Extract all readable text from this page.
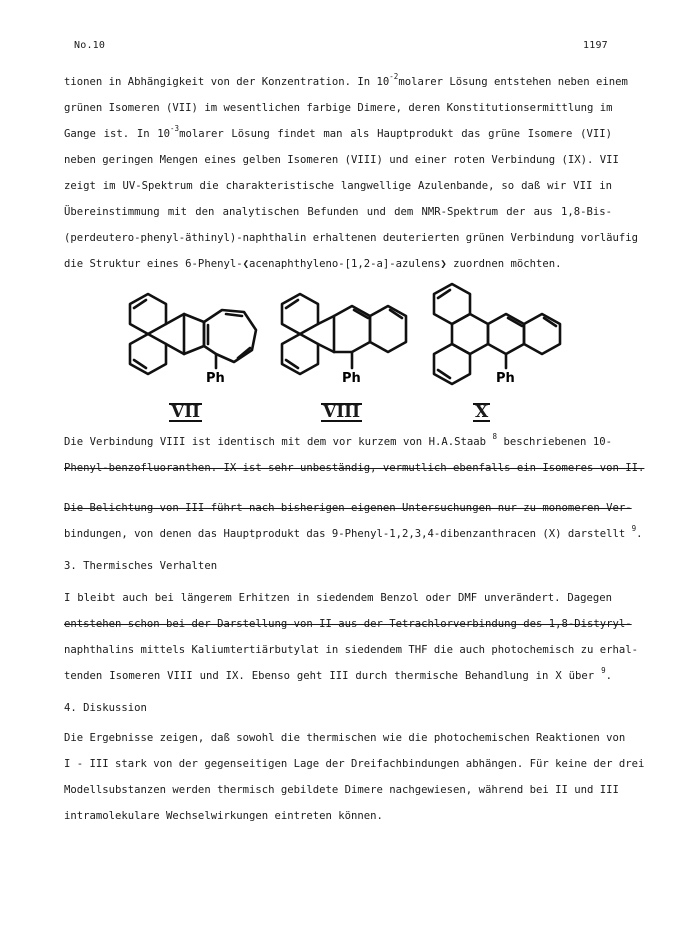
No.10	1197
tionen in Abhängigkeit von der Konzentration. In $10^{-2}molarer$ Lösung entstehen neben einem
grünen Isomeren (VII) im wesentlichen farbige Dimere, deren Konstitutionsermittlung im
Gange ist. In $10^{-3}molarer$ Lösung findet man als Hauptprodukt das grüne Isomere (VII)
neben geringen Mengen eines gelben Isomeren (VIII) und einer roten Verbindung (IX). VII
zeigt im UV-Spektrum die charakteristische langwellige Azulenbande, so daß wir VII in
Übereinstimmung mit den analytischen Befunden und dem NMR-Spektrum der aus 1,8-Bis-
(perdeutero-phenyl-äthinyl)-naphthalin erhaltenen deuterierten grünen Verbindung vorläufig
die Struktur eines 6-Phenyl-❮acenaphthyleno-[1,2-a]-azulens❯ zuordnen möchten.
Ph	Ph	Ph
VII	VIII	X
Die Verbindung VIII ist identisch mit dem vor kurzem von H.A.Staab $^8$ beschriebenen 10-
Phenyl-benzofluoranthen. IX ist sehr unbeständig, vermutlich ebenfalls ein Isomeres von II.
Die Belichtung von III führt nach bisherigen eigenen Untersuchungen nur zu monomeren Ver-
bindungen, von denen das Hauptprodukt das 9-Phenyl-1,2,3,4-dibenzanthracen (X) darstellt $^9$.
3. Thermisches Verhalten
I bleibt auch bei längerem Erhitzen in siedendem Benzol oder DMF unverändert. Dagegen
entstehen schon bei der Darstellung von II aus der Tetrachlorverbindung des 1,8-Distyryl-
naphthalins mittels Kaliumtertiärbutylat in siedendem THF die auch photochemisch zu erhal-
tenden Isomeren VIII und IX. Ebenso geht III durch thermische Behandlung in X über $^9$.
4. Diskussion
Die Ergebnisse zeigen, daß sowohl die thermischen wie die photochemischen Reaktionen von
I - III stark von der gegenseitigen Lage der Dreifachbindungen abhängen. Für keine der drei
Modellsubstanzen werden thermisch gebildete Dimere nachgewiesen, während bei II und III
intramolekulare Wechselwirkungen eintreten können.
